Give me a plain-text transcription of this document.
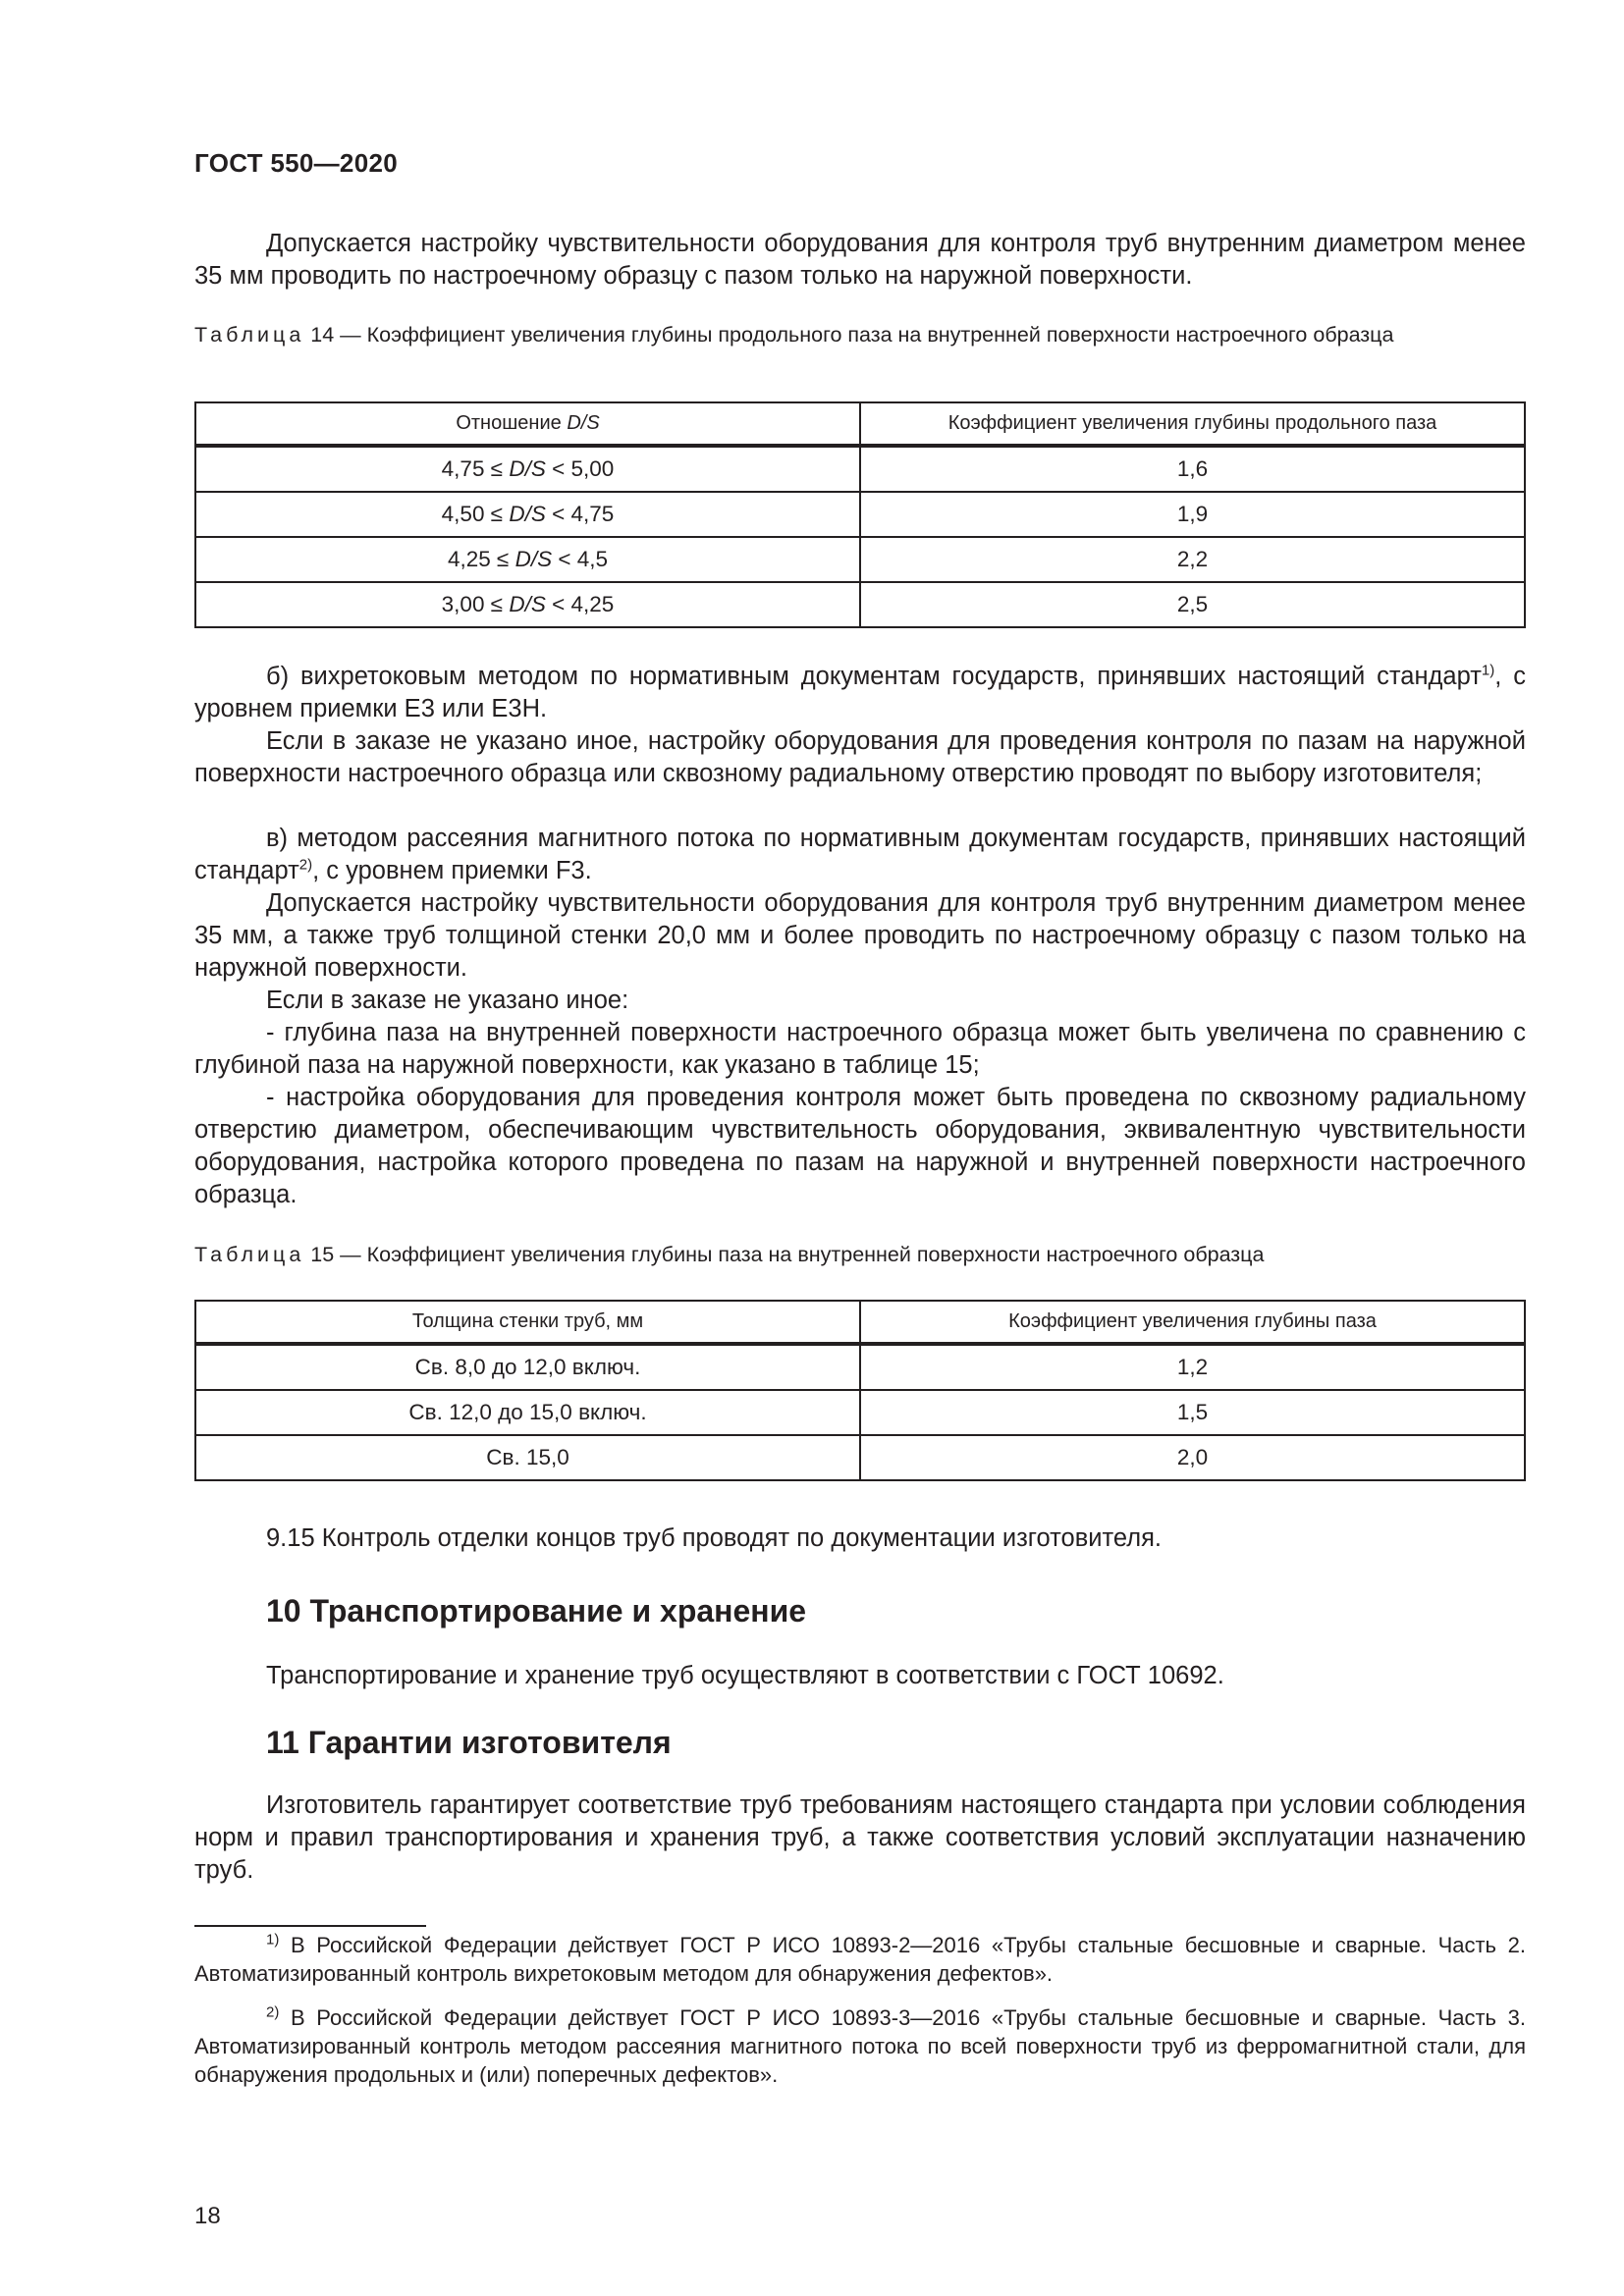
ГОСТ 550—2020
Допускается настройку чувствительности оборудования для контроля труб внутренним диаметром менее 35 мм проводить по настроечному образцу с пазом только на наружной поверхности.
Таблица 14 — Коэффициент увеличения глубины продольного паза на внутренней поверхности настроечного образца
Отношение D/S	Коэффициент увеличения глубины продольного паза
4,75 ≤ D/S < 5,00	1,6
4,50 ≤ D/S < 4,75	1,9
4,25 ≤ D/S < 4,5	2,2
3,00 ≤ D/S < 4,25	2,5
б) вихретоковым методом по нормативным документам государств, принявших настоящий стандарт$^{1)}$, с уровнем приемки Е3 или Е3Н.
Если в заказе не указано иное, настройку оборудования для проведения контроля по пазам на наружной поверхности настроечного образца или сквозному радиальному отверстию проводят по выбору изготовителя;
в) методом рассеяния магнитного потока по нормативным документам государств, принявших настоящий стандарт$^{2)}$, с уровнем приемки F3.
Допускается настройку чувствительности оборудования для контроля труб внутренним диаметром менее 35 мм, а также труб толщиной стенки 20,0 мм и более проводить по настроечному образцу с пазом только на наружной поверхности.
Если в заказе не указано иное:
- глубина паза на внутренней поверхности настроечного образца может быть увеличена по сравнению с глубиной паза на наружной поверхности, как указано в таблице 15;
- настройка оборудования для проведения контроля может быть проведена по сквозному радиальному отверстию диаметром, обеспечивающим чувствительность оборудования, эквивалентную чувствительности оборудования, настройка которого проведена по пазам на наружной и внутренней поверхности настроечного образца.
Таблица 15 — Коэффициент увеличения глубины паза на внутренней поверхности настроечного образца
Толщина стенки труб, мм	Коэффициент увеличения глубины паза
Св. 8,0 до 12,0 включ.	1,2
Св. 12,0 до 15,0 включ.	1,5
Св. 15,0	2,0
9.15 Контроль отделки концов труб проводят по документации изготовителя.
10 Транспортирование и хранение
Транспортирование и хранение труб осуществляют в соответствии с ГОСТ 10692.
11 Гарантии изготовителя
Изготовитель гарантирует соответствие труб требованиям настоящего стандарта при условии соблюдения норм и правил транспортирования и хранения труб, а также соответствия условий эксплуатации назначению труб.
$^{1)}$ В Российской Федерации действует ГОСТ Р ИСО 10893-2—2016 «Трубы стальные бесшовные и сварные. Часть 2. Автоматизированный контроль вихретоковым методом для обнаружения дефектов».
$^{2)}$ В Российской Федерации действует ГОСТ Р ИСО 10893-3—2016 «Трубы стальные бесшовные и сварные. Часть 3. Автоматизированный контроль методом рассеяния магнитного потока по всей поверхности труб из ферромагнитной стали, для обнаружения продольных и (или) поперечных дефектов».
18
